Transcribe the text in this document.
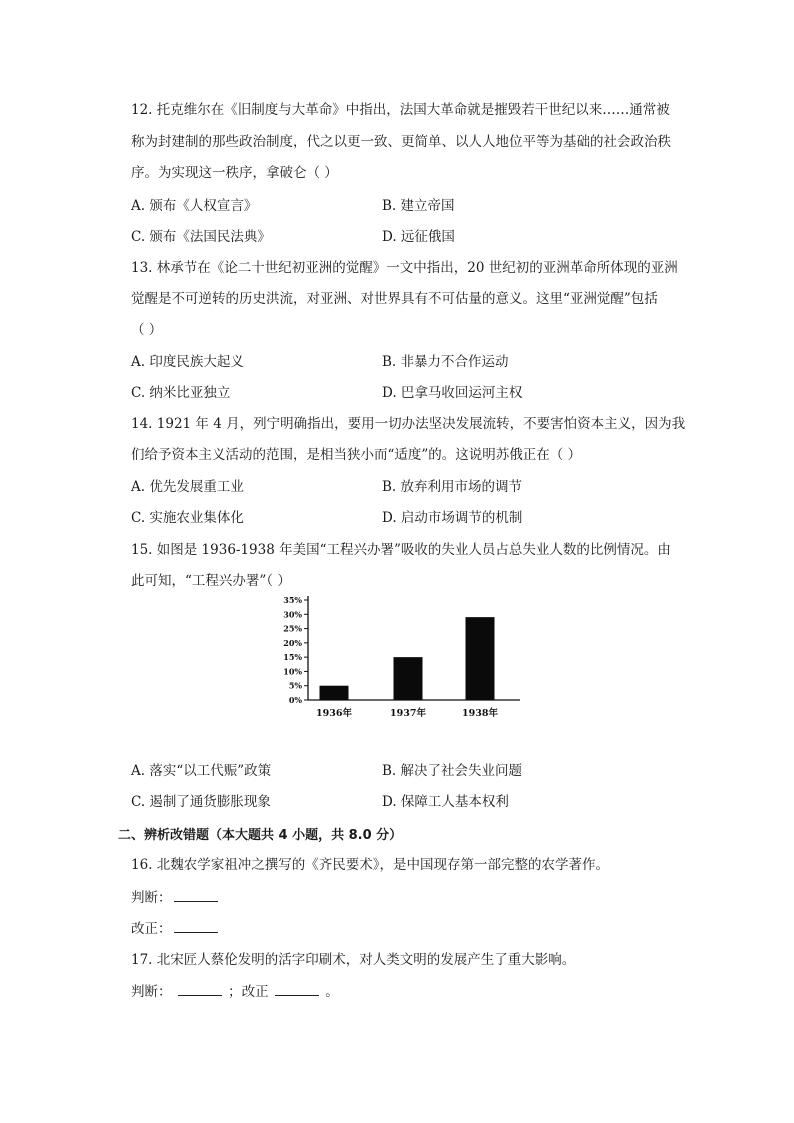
12. 托克维尔在《旧制度与大革命》中指出，法国大革命就是摧毁若干世纪以来……通常被
称为封建制的那些政治制度，代之以更一致、更简单、以人人地位平等为基础的社会政治秩
序。为实现这一秩序，拿破仑（ ）
A. 颁布《人权宣言》	B. 建立帝国
C. 颁布《法国民法典》	D. 远征俄国
13. 林承节在《论二十世纪初亚洲的觉醒》一文中指出，20 世纪初的亚洲革命所体现的亚洲
觉醒是不可逆转的历史洪流，对亚洲、对世界具有不可估量的意义。这里“亚洲觉醒”包括
（ ）
A. 印度民族大起义	B. 非暴力不合作运动
C. 纳米比亚独立	D. 巴拿马收回运河主权
14. 1921 年 4 月，列宁明确指出，要用一切办法坚决发展流转，不要害怕资本主义，因为我
们给予资本主义活动的范围，是相当狭小而“适度”的。这说明苏俄正在（ ）
A. 优先发展重工业	B. 放弃利用市场的调节
C. 实施农业集体化	D. 启动市场调节的机制
15. 如图是 1936-1938 年美国“工程兴办署”吸收的失业人员占总失业人数的比例情况。由
此可知，“工程兴办署”（ ）
0%
5%
10%
15%
20%
25%
30%
35%
1936年	1937年	1938年
A. 落实“以工代赈”政策	B. 解决了社会失业问题
C. 遏制了通货膨胀现象	D. 保障工人基本权利
二、辨析改错题（本大题共 4 小题，共 8.0 分）
16. 北魏农学家祖冲之撰写的《齐民要术》，是中国现存第一部完整的农学著作。
判断：
改正：
17. 北宋匠人蔡伦发明的活字印刷术，对人类文明的发展产生了重大影响。
判断：	；改正	。
